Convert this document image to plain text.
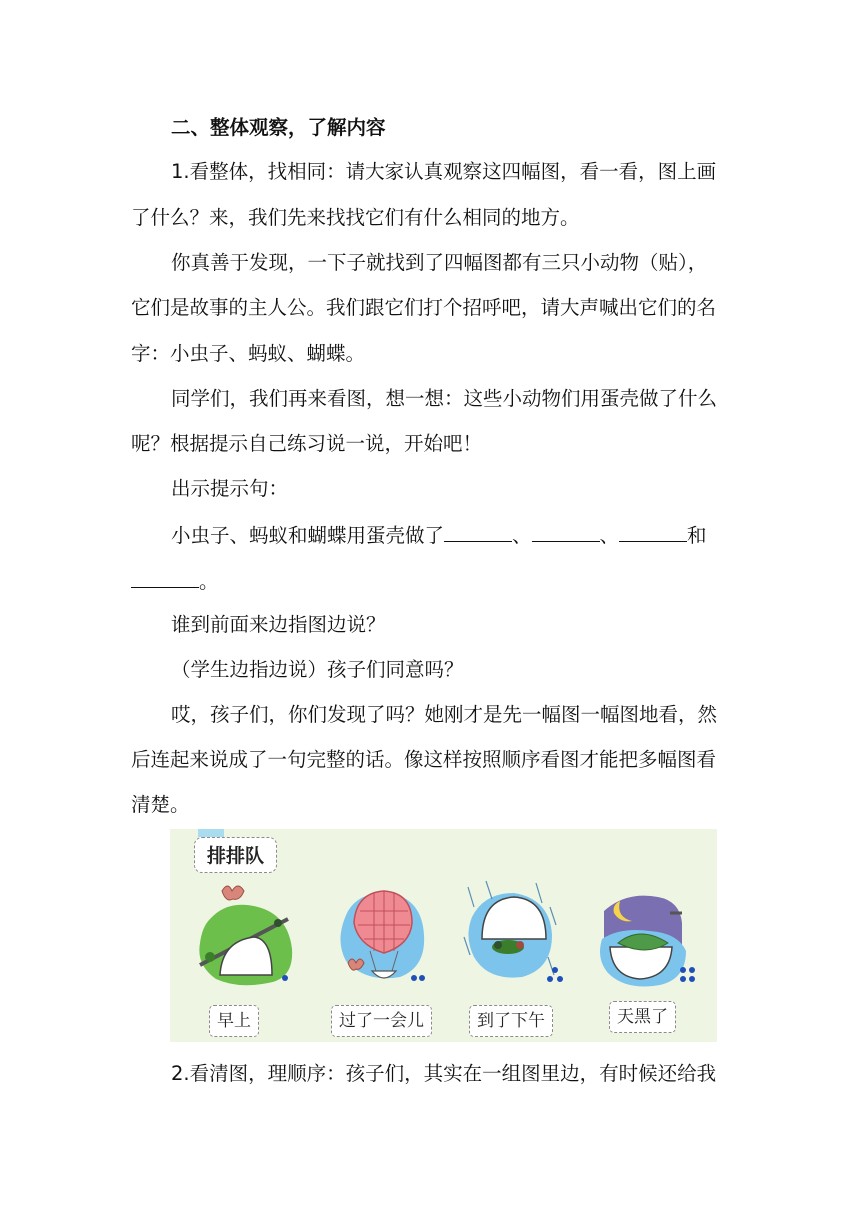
二、整体观察，了解内容
1.看整体，找相同：请大家认真观察这四幅图，看一看，图上画
了什么？来，我们先来找找它们有什么相同的地方。
你真善于发现，一下子就找到了四幅图都有三只小动物（贴），
它们是故事的主人公。我们跟它们打个招呼吧，请大声喊出它们的名
字：小虫子、蚂蚁、蝴蝶。
同学们，我们再来看图，想一想：这些小动物们用蛋壳做了什么
呢？根据提示自己练习说一说，开始吧！
出示提示句：
小虫子、蚂蚁和蝴蝶用蛋壳做了	、	、	和
。
谁到前面来边指图边说？
（学生边指边说）孩子们同意吗？
哎，孩子们，你们发现了吗？她刚才是先一幅图一幅图地看，然
后连起来说成了一句完整的话。像这样按照顺序看图才能把多幅图看
清楚。
排排队
早上	过了一会儿	到了下午	天黑了
2.看清图，理顺序：孩子们，其实在一组图里边，有时候还给我
